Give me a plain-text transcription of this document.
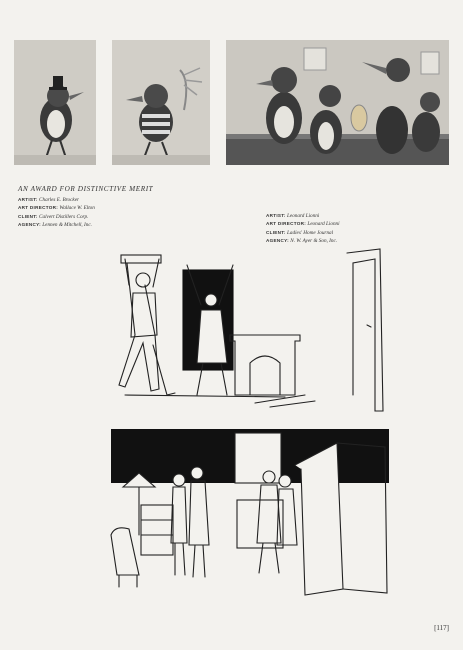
AN AWARD FOR DISTINCTIVE MERIT
ARTIST: Charles E. Brocker
ART DIRECTOR: Wallace W. Elton
CLIENT: Calvert Distillers Corp.
AGENCY: Lennen & Mitchell, Inc.
ARTIST: Leonard Lionni
ART DIRECTOR: Leonard Lionni
CLIENT: Ladies' Home Journal
AGENCY: N. W. Ayer & Son, Inc.
[117]
